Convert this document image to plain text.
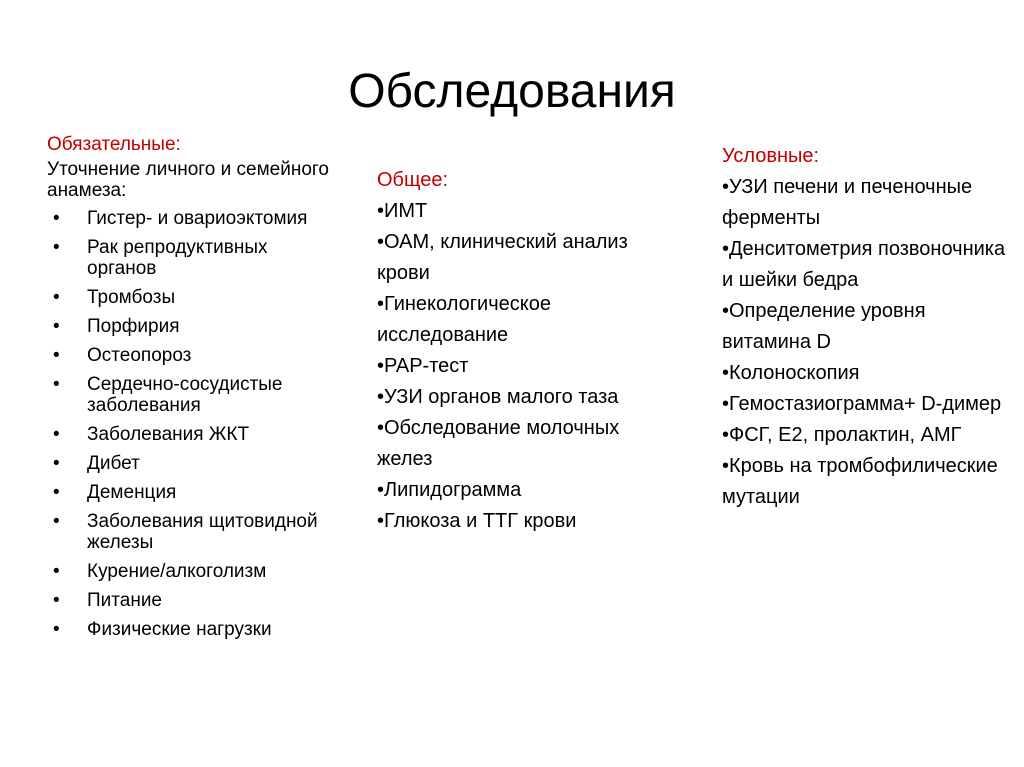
Обследования
Обязательные:
Уточнение личного и семейного анамеза:
•	Гистер- и овариоэктомия
•	Рак репродуктивных органов
•	Тромбозы
•	Порфирия
•	Остеопороз
•	Сердечно-сосудистые заболевания
•	Заболевания ЖКТ
•	Дибет
•	Деменция
•	Заболевания щитовидной железы
•	Курение/алкоголизм
•	Питание
•	Физические нагрузки
Общее:
•ИМТ
•ОАМ, клинический анализ крови
•Гинекологическое исследование
•PAP-тест
•УЗИ органов малого таза
•Обследование молочных желез
•Липидограмма
•Глюкоза и ТТГ крови
Условные:
•УЗИ печени и печеночные ферменты
•Денситометрия позвоночника и шейки бедра
•Определение уровня витамина D
•Колоноскопия
•Гемостазиограмма+ D-димер
•ФСГ, Е2, пролактин, АМГ
•Кровь на тромбофилические мутации
